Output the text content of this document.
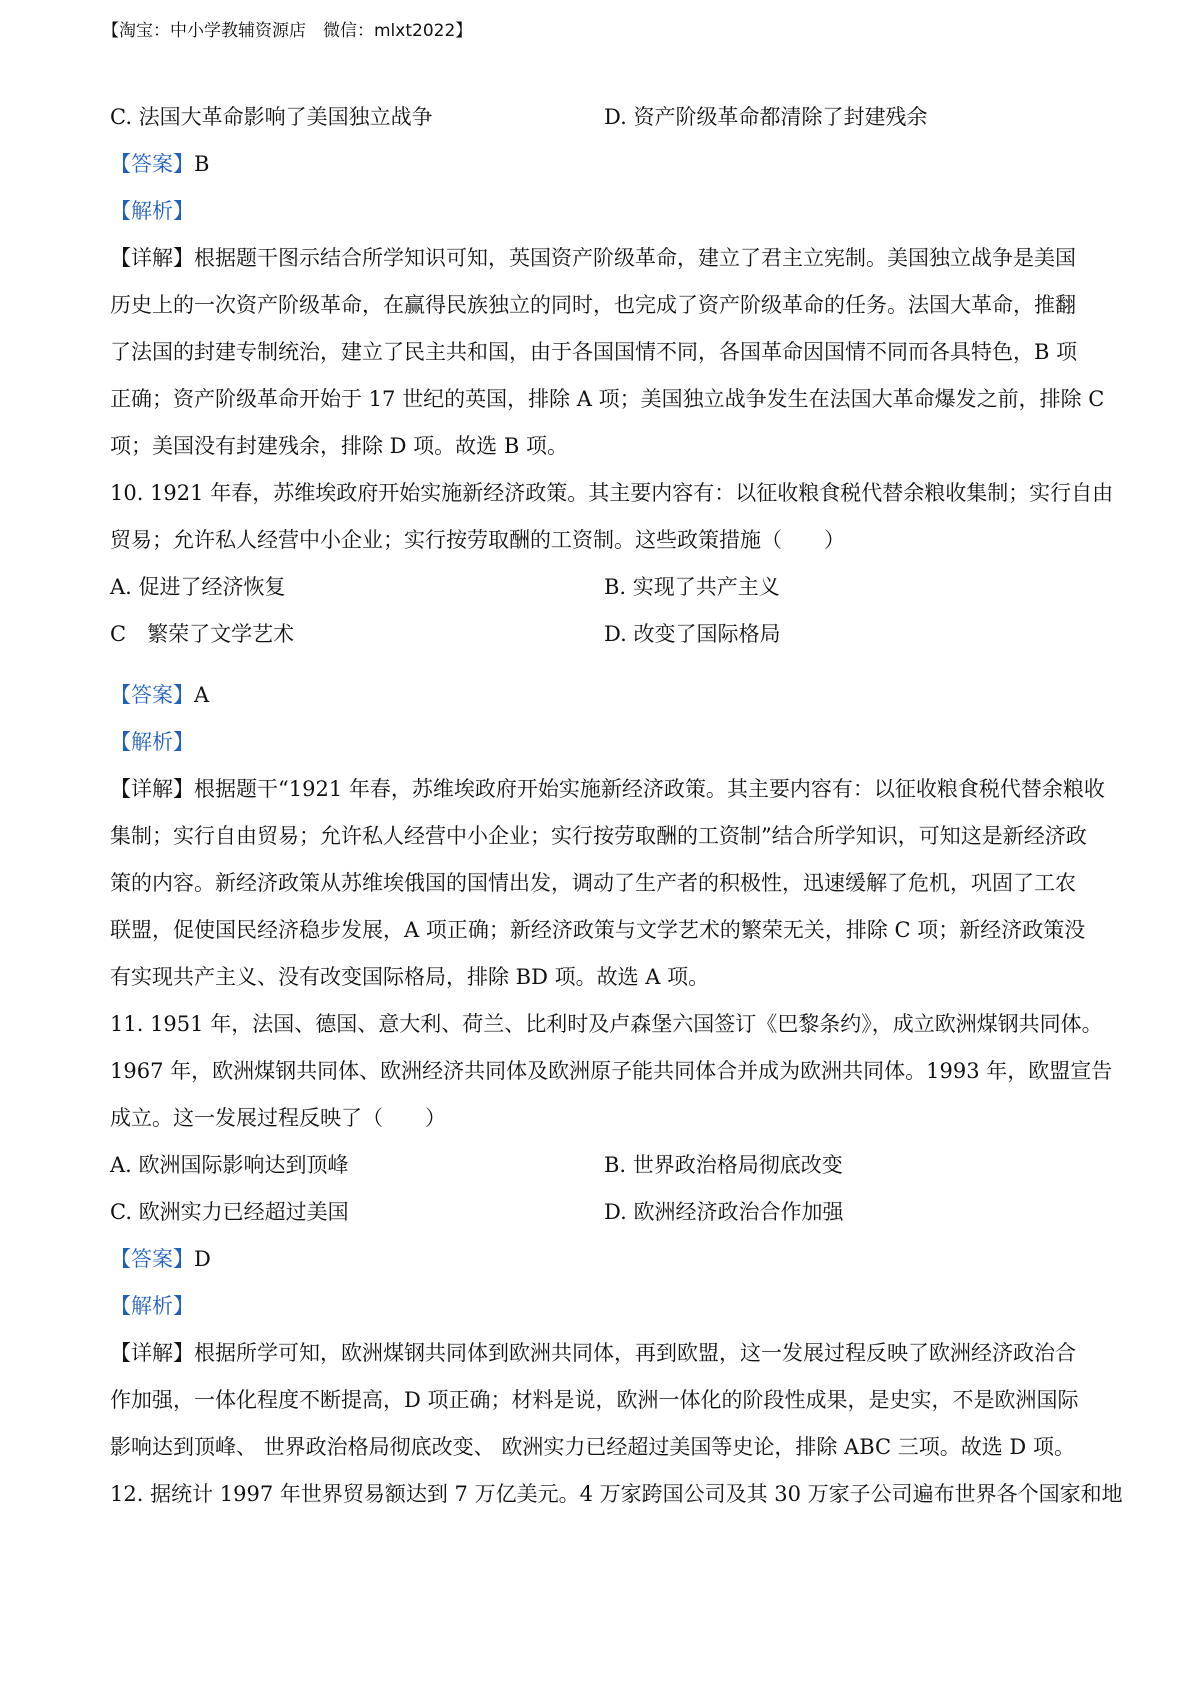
【淘宝：中小学教辅资源店　微信：mlxt2022】
C. 法国大革命影响了美国独立战争	D. 资产阶级革命都清除了封建残余
【答案】B
【解析】
【详解】根据题干图示结合所学知识可知，英国资产阶级革命，建立了君主立宪制。美国独立战争是美国
历史上的一次资产阶级革命，在赢得民族独立的同时，也完成了资产阶级革命的任务。法国大革命，推翻
了法国的封建专制统治，建立了民主共和国，由于各国国情不同，各国革命因国情不同而各具特色，B 项
正确；资产阶级革命开始于 17 世纪的英国，排除 A 项；美国独立战争发生在法国大革命爆发之前，排除 C
项；美国没有封建残余，排除 D 项。故选 B 项。
10. 1921 年春，苏维埃政府开始实施新经济政策。其主要内容有：以征收粮食税代替余粮收集制；实行自由
贸易；允许私人经营中小企业；实行按劳取酬的工资制。这些政策措施（　　）
A. 促进了经济恢复	B. 实现了共产主义
C　繁荣了文学艺术	D. 改变了国际格局
【答案】A
【解析】
【详解】根据题干“1921 年春，苏维埃政府开始实施新经济政策。其主要内容有：以征收粮食税代替余粮收
集制；实行自由贸易；允许私人经营中小企业；实行按劳取酬的工资制”结合所学知识，可知这是新经济政
策的内容。新经济政策从苏维埃俄国的国情出发，调动了生产者的积极性，迅速缓解了危机，巩固了工农
联盟，促使国民经济稳步发展，A 项正确；新经济政策与文学艺术的繁荣无关，排除 C 项；新经济政策没
有实现共产主义、没有改变国际格局，排除 BD 项。故选 A 项。
11. 1951 年，法国、德国、意大利、荷兰、比利时及卢森堡六国签订《巴黎条约》，成立欧洲煤钢共同体。
1967 年，欧洲煤钢共同体、欧洲经济共同体及欧洲原子能共同体合并成为欧洲共同体。1993 年，欧盟宣告
成立。这一发展过程反映了（　　）
A. 欧洲国际影响达到顶峰	B. 世界政治格局彻底改变
C. 欧洲实力已经超过美国	D. 欧洲经济政治合作加强
【答案】D
【解析】
【详解】根据所学可知，欧洲煤钢共同体到欧洲共同体，再到欧盟，这一发展过程反映了欧洲经济政治合
作加强，一体化程度不断提高，D 项正确；材料是说，欧洲一体化的阶段性成果，是史实，不是欧洲国际
影响达到顶峰、 世界政治格局彻底改变、 欧洲实力已经超过美国等史论，排除 ABC 三项。故选 D 项。
12. 据统计 1997 年世界贸易额达到 7 万亿美元。4 万家跨国公司及其 30 万家子公司遍布世界各个国家和地
